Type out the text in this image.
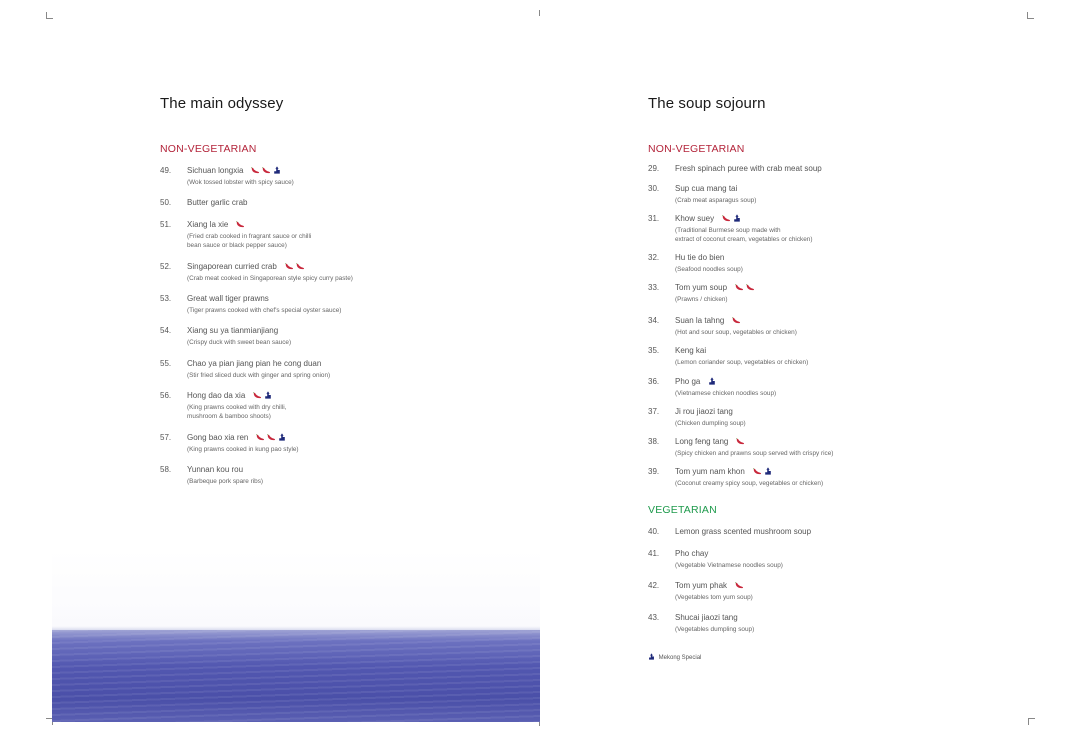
The main odyssey
NON-VEGETARIAN
49. Sichuan longxia
(Wok tossed lobster with spicy sauce)
50. Butter garlic crab
51. Xiang la xie
(Fried crab cooked in fragrant sauce or chilli
bean sauce or black pepper sauce)
52. Singaporean curried crab
(Crab meat cooked in Singaporean style spicy curry paste)
53. Great wall tiger prawns
(Tiger prawns cooked with chef's special oyster sauce)
54. Xiang su ya tianmianjiang
(Crispy duck with sweet bean sauce)
55. Chao ya pian jiang pian he cong duan
(Stir fried sliced duck with ginger and spring onion)
56. Hong dao da xia
(King prawns cooked with dry chilli,
mushroom & bamboo shoots)
57. Gong bao xia ren
(King prawns cooked in kung pao style)
58. Yunnan kou rou
(Barbeque pork spare ribs)
The soup sojourn
NON-VEGETARIAN
29. Fresh spinach puree with crab meat soup
30. Sup cua mang tai
(Crab meat asparagus soup)
31. Khow suey
(Traditional Burmese soup made with
extract of coconut cream, vegetables or chicken)
32. Hu tie do bien
(Seafood noodles soup)
33. Tom yum soup
(Prawns / chicken)
34. Suan la tahng
(Hot and sour soup, vegetables or chicken)
35. Keng kai
(Lemon coriander soup, vegetables or chicken)
36. Pho ga
(Vietnamese chicken noodles soup)
37. Ji rou jiaozi tang
(Chicken dumpling soup)
38. Long feng tang
(Spicy chicken and prawns soup served with crispy rice)
39. Tom yum nam khon
(Coconut creamy spicy soup, vegetables or chicken)
VEGETARIAN
40. Lemon grass scented mushroom soup
41. Pho chay
(Vegetable Vietnamese noodles soup)
42. Tom yum phak
(Vegetables tom yum soup)
43. Shucai jiaozi tang
(Vegetables dumpling soup)
Mekong Special
